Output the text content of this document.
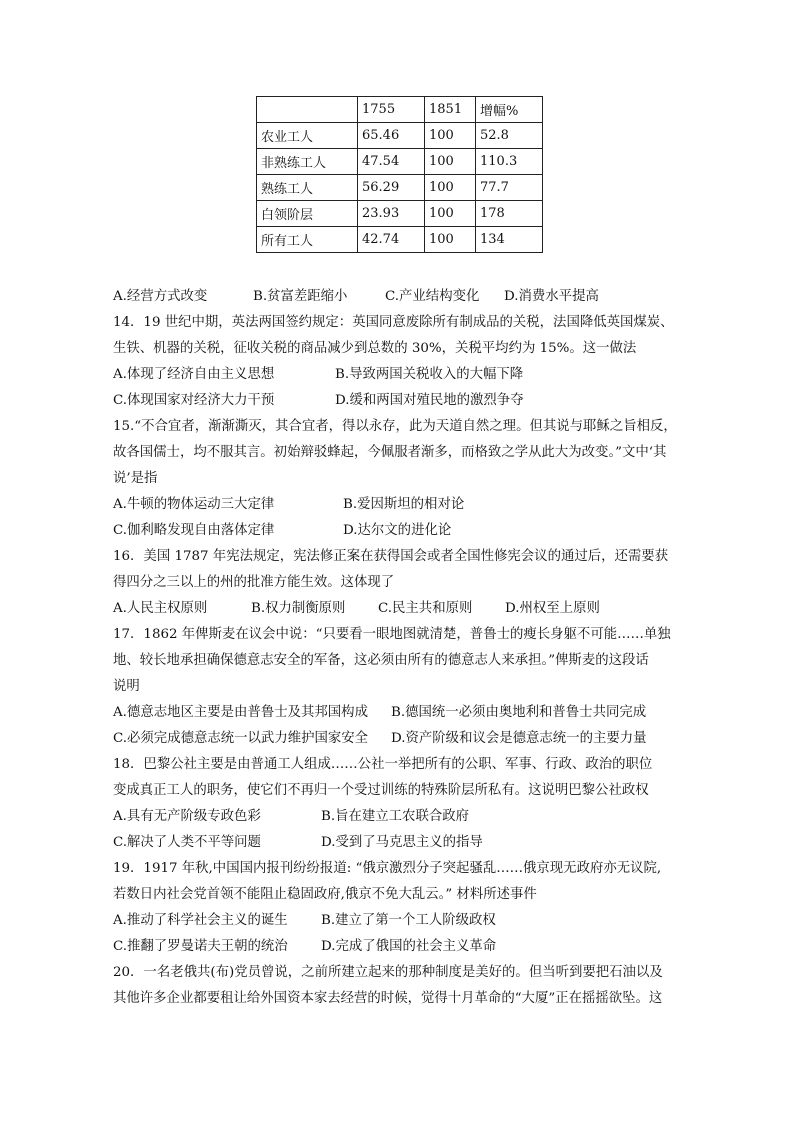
	1755	1851	增幅%
农业工人	65.46	100	52.8
非熟练工人	47.54	100	110.3
熟练工人	56.29	100	77.7
白领阶层	23.93	100	178
所有工人	42.74	100	134
A.经营方式改变	B.贫富差距缩小	C.产业结构变化	D.消费水平提高
14．19 世纪中期，英法两国签约规定：英国同意废除所有制成品的关税，法国降低英国煤炭、
生铁、机器的关税，征收关税的商品减少到总数的 30%，关税平均约为 15%。这一做法
A.体现了经济自由主义思想	B.导致两国关税收入的大幅下降
C.体现国家对经济大力干预	D.缓和两国对殖民地的激烈争夺
15.“不合宜者，渐渐澌灭，其合宜者，得以永存，此为天道自然之理。但其说与耶稣之旨相反，
故各国儒士，均不服其言。初始辩驳蜂起，今佩服者渐多，而格致之学从此大为改变。”文中‘其
说’是指
A.牛顿的物体运动三大定律	B.爱因斯坦的相对论
C.伽利略发现自由落体定律	D.达尔文的进化论
16．美国 1787 年宪法规定，宪法修正案在获得国会或者全国性修宪会议的通过后，还需要获
得四分之三以上的州的批准方能生效。这体现了
A.人民主权原则	B.权力制衡原则	C.民主共和原则	D.州权至上原则
17．1862 年俾斯麦在议会中说：“只要看一眼地图就清楚，普鲁士的瘦长身躯不可能……单独
地、较长地承担确保德意志安全的军备，这必须由所有的德意志人来承担。”俾斯麦的这段话
说明
A.德意志地区主要是由普鲁士及其邦国构成	B.德国统一必须由奥地利和普鲁士共同完成
C.必须完成德意志统一以武力维护国家安全	D.资产阶级和议会是德意志统一的主要力量
18．巴黎公社主要是由普通工人组成……公社一举把所有的公职、军事、行政、政治的职位
变成真正工人的职务，使它们不再归一个受过训练的特殊阶层所私有。这说明巴黎公社政权
A.具有无产阶级专政色彩	B.旨在建立工农联合政府
C.解决了人类不平等问题	D.受到了马克思主义的指导
19．1917 年秋,中国国内报刊纷纷报道: “俄京激烈分子突起骚乱……俄京现无政府亦无议院,
若数日内社会党首领不能阻止稳固政府,俄京不免大乱云。” 材料所述事件
A.推动了科学社会主义的诞生	B.建立了第一个工人阶级政权
C.推翻了罗曼诺夫王朝的统治	D.完成了俄国的社会主义革命
20．一名老俄共(布)党员曾说，之前所建立起来的那种制度是美好的。但当听到要把石油以及
其他许多企业都要租让给外国资本家去经营的时候，觉得十月革命的“大厦”正在摇摇欲坠。这
